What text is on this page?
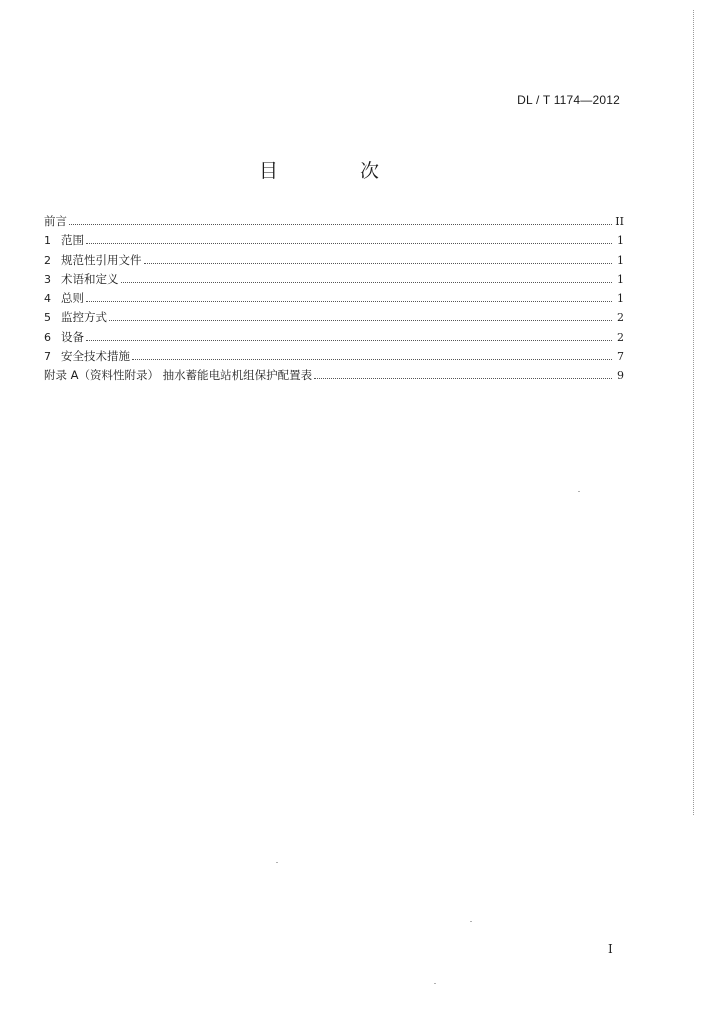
DL / T 1174—2012
目 次
前言	II
1 范围	1
2 规范性引用文件	1
3 术语和定义	1
4 总则	1
5 监控方式	2
6 设备	2
7 安全技术措施	7
附录 A（资料性附录） 抽水蓄能电站机组保护配置表	9
I
